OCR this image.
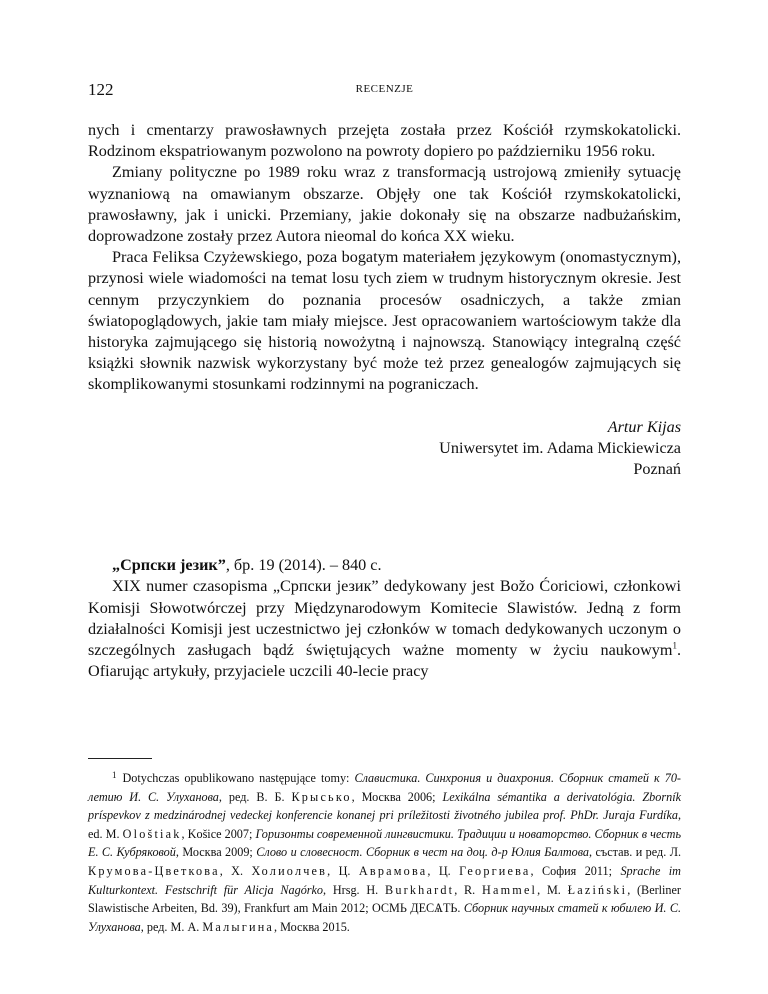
122	RECENZJE

nych i cmentarzy prawosławnych przejęta została przez Kościół rzymskokatolicki. Rodzinom ekspatriowanym pozwolono na powroty dopiero po październiku 1956 roku.

Zmiany polityczne po 1989 roku wraz z transformacją ustrojową zmieniły sytuację wyznaniową na omawianym obszarze. Objęły one tak Kościół rzymskokatolicki, prawosławny, jak i unicki. Przemiany, jakie dokonały się na obszarze nadbużańskim, doprowadzone zostały przez Autora nieomal do końca XX wieku.

Praca Feliksa Czyżewskiego, poza bogatym materiałem językowym (onomastycznym), przynosi wiele wiadomości na temat losu tych ziem w trudnym historycznym okresie. Jest cennym przyczynkiem do poznania procesów osadniczych, a także zmian światopoglądowych, jakie tam miały miejsce. Jest opracowaniem wartościowym także dla historyka zajmującego się historią nowożytną i najnowszą. Stanowiący integralną część książki słownik nazwisk wykorzystany być może też przez genealogów zajmujących się skomplikowanymi stosunkami rodzinnymi na pograniczach.

Artur Kijas
Uniwersytet im. Adama Mickiewicza
Poznań
„Српски језик”, бр. 19 (2014). – 840 с.

XIX numer czasopisma „Српски језик” dedykowany jest Božo Ćoriciowi, członkowi Komisji Słowotwórczej przy Międzynarodowym Komitecie Slawistów. Jedną z form działalności Komisji jest uczestnictwo jej członków w tomach dedykowanych uczonym o szczególnych zasługach bądź świętujących ważne momenty w życiu naukowym$^1$. Ofiarując artykuły, przyjaciele uczcili 40-lecie pracy

$^1$ Dotychczas opublikowano następujące tomy: Славистика. Синхрония и диахрония. Сборник статей к 70-летию И. С. Улуханова, ред. В. Б. Крысько, Москва 2006; Lexikálna sémantika a derivatológia. Zborník príspevkov z medzinárodnej vedeckej konferencie konanej pri príležitosti životného jubilea prof. PhDr. Juraja Furdíka, ed. M. Ološtiak, Košice 2007; Горизонты современной лингвистики. Традиции и новаторство. Сборник в честь Е. С. Кубряковой, Москва 2009; Слово и словесност. Сборник в чест на доц. д-р Юлия Балтова, състав. и ред. Л. Крумова-Цветкова, Х. Холиолчев, Ц. Аврамова, Ц. Георгиева, София 2011; Sprache im Kulturkontext. Festschrift für Alicja Nagórko, Hrsg. H. Burkhardt, R. Hammel, M. Łaziński, (Berliner Slawistische Arbeiten, Bd. 39), Frankfurt am Main 2012; ОСМЬ ДЕСѦТЬ. Сборник научных статей к юбилею И. С. Улуханова, ред. М. А. Малыгина, Москва 2015.
